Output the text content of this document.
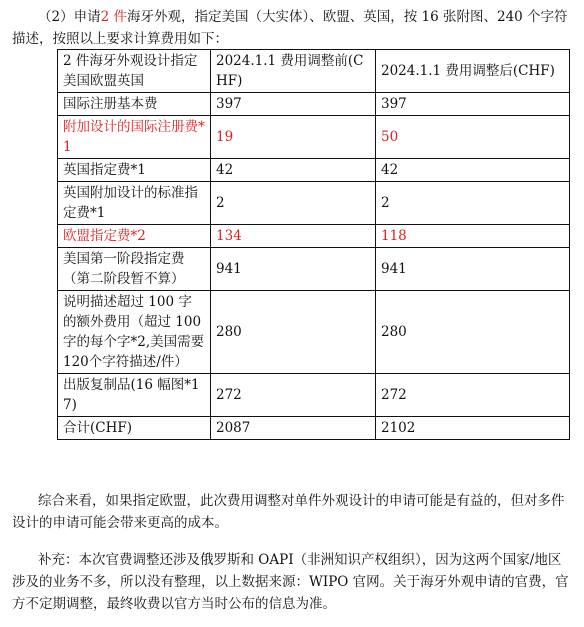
（2）申请2 件海牙外观，指定美国（大实体）、欧盟、英国，按 16 张附图、240 个字符描述，按照以上要求计算费用如下：
2 件海牙外观设计指定美国欧盟英国	2024.1.1 费用调整前(CHF)	2024.1.1 费用调整后(CHF)
国际注册基本费	397	397
附加设计的国际注册费*1	19	50
英国指定费*1	42	42
英国附加设计的标准指定费*1	2	2
欧盟指定费*2	134	118
美国第一阶段指定费（第二阶段暂不算）	941	941
说明描述超过 100 字的额外费用（超过 100 字的每个字*2,美国需要120个字符描述/件）	280	280
出版复制品(16 幅图*17)	272	272
合计(CHF)	2087	2102
综合来看，如果指定欧盟，此次费用调整对单件外观设计的申请可能是有益的，但对多件设计的申请可能会带来更高的成本。
补充：本次官费调整还涉及俄罗斯和 OAPI（非洲知识产权组织），因为这两个国家/地区涉及的业务不多，所以没有整理，以上数据来源：WIPO 官网。关于海牙外观申请的官费，官方不定期调整，最终收费以官方当时公布的信息为准。
